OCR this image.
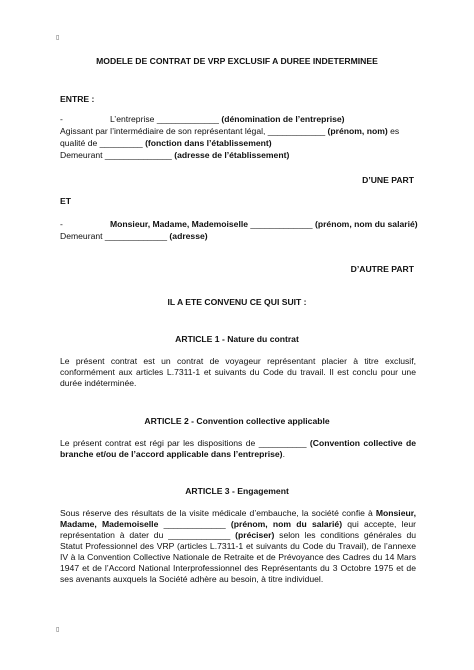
▯
MODELE DE CONTRAT DE VRP EXCLUSIF A DUREE INDETERMINEE
ENTRE :
-	L’entreprise _____________ (dénomination de l’entreprise)
Agissant par l’intermédiaire de son représentant légal, ____________ (prénom, nom) es
qualité de _________ (fonction dans l’établissement)
Demeurant ______________ (adresse de l’établissement)
D’UNE PART
ET
-	Monsieur, Madame, Mademoiselle _____________ (prénom, nom du salarié)
Demeurant _____________ (adresse)
D’AUTRE PART
IL A ETE CONVENU CE QUI SUIT :
ARTICLE 1 - Nature du contrat
Le présent contrat est un contrat de voyageur représentant placier à titre exclusif, conformément aux articles L.7311-1 et suivants du Code du travail. Il est conclu pour une durée indéterminée.
ARTICLE 2 - Convention collective applicable
Le présent contrat est régi par les dispositions de __________ (Convention collective de branche et/ou de l’accord applicable dans l’entreprise).
ARTICLE 3 - Engagement
Sous réserve des résultats de la visite médicale d’embauche, la société confie à Monsieur, Madame, Mademoiselle _____________ (prénom, nom du salarié) qui accepte, leur représentation à dater du _____________ (préciser) selon les conditions générales du Statut Professionnel des VRP (articles L.7311-1 et suivants du Code du Travail), de l’annexe IV à la Convention Collective Nationale de Retraite et de Prévoyance des Cadres du 14 Mars 1947 et de l’Accord National Interprofessionnel des Représentants du 3 Octobre 1975 et de ses avenants auxquels la Société adhère au besoin, à titre individuel.
▯
